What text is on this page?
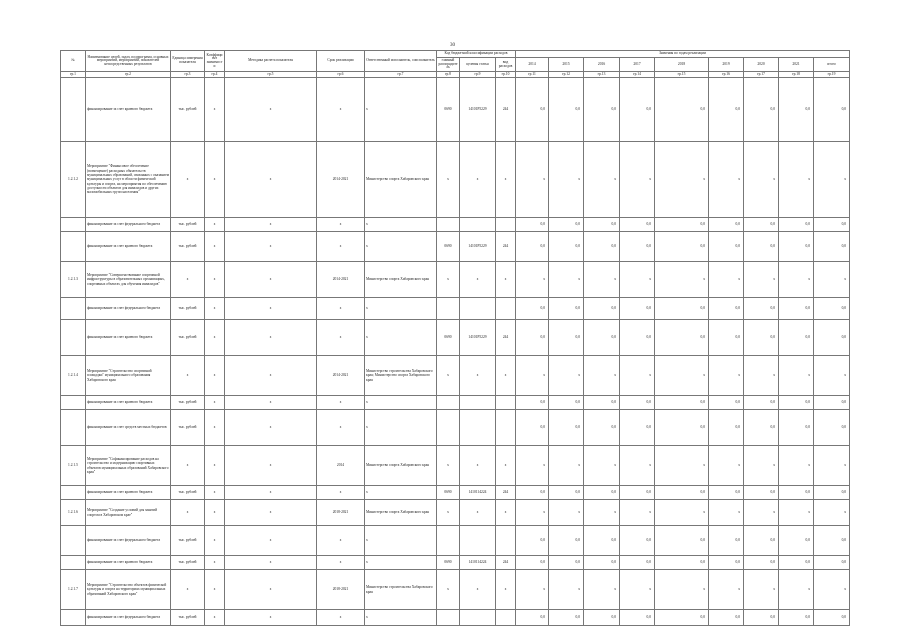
30
№	Наименование целей, задач, подпрограмм, основных мероприятий, мероприятий, показателей непосредственных результатов	Единица измерения показателя	Коэффициент значимости	Методика расчета показателя	Срок реализации	Ответственный исполнитель, соисполнитель	Код бюджетной классификации расходов			Значения по годам реализации								
							главный распорядитель	целевая статья	вид расходов	2014	2015	2016	2017	2018	2019	2020	2021	итого
гр.1	гр.2	гр.3	гр.4	гр.5	гр.6	гр.7	гр.8	гр.9	гр.10	гр.11	гр.12	гр.13	гр.14	гр.15	гр.16	гр.17	гр.18	гр.19
	финансирование за счет краевого бюджета	тыс. рублей	х	х	х	х	0690	14101Р5229	244	0,0	0,0	0,0	0,0	0,0	0,0	0,0	0,0	0,0
1.2.1.2	Мероприятие "Финансовое обеспечение (возмещение) расходных обязательств муниципальных образований, связанных с оказанием муниципальных услуг в области физической культуры и спорта, на мероприятия по обеспечению доступности объектов для инвалидов и других маломобильных групп населения"	х	х	х	2014-2021	Министерство спорта Хабаровского края	х	х	х	х	х	х	х	х	х	х	х	х
	финансирование за счет федерального бюджета	тыс. рублей	х	х	х	х				0,0	0,0	0,0	0,0	0,0	0,0	0,0	0,0	0,0
	финансирование за счет краевого бюджета	тыс. рублей	х	х	х	х	0690	14101Р5229	244	0,0	0,0	0,0	0,0	0,0	0,0	0,0	0,0	0,0
1.2.1.3	Мероприятие "Совершенствование спортивной инфраструктуры в образовательных организациях, спортивных объектах для обучения инвалидов"	х	х	х	2014-2021	Министерство спорта Хабаровского края	х	х	х	х	х	х	х	х	х	х	х	х
	финансирование за счет федерального бюджета	тыс. рублей	х	х	х	х				0,0	0,0	0,0	0,0	0,0	0,0	0,0	0,0	0,0
	финансирование за счет краевого бюджета	тыс. рублей	х	х	х	х	0690	14101Р5229	244	0,0	0,0	0,0	0,0	0,0	0,0	0,0	0,0	0,0
1.2.1.4	Мероприятие "Строительство спортивной площадки" муниципального образования Хабаровского края	х	х	х	2014-2021	Министерство строительства Хабаровского края; Министерство спорта Хабаровского края	х	х	х	х	х	х	х	х	х	х	х	х
	финансирование за счет краевого бюджета	тыс. рублей	х	х	х	х				0,0	0,0	0,0	0,0	0,0	0,0	0,0	0,0	0,0
	финансирование за счет средств местных бюджетов	тыс. рублей	х	х	х	х				0,0	0,0	0,0	0,0	0,0	0,0	0,0	0,0	0,0
1.2.1.5	Мероприятие "Софинансирование расходов на строительство и модернизацию спортивных объектов муниципальных образований Хабаровского края"	х	х	х	2014	Министерство спорта Хабаровского края	х	х	х	х	х	х	х	х	х	х	х	х
	финансирование за счет краевого бюджета	тыс. рублей	х	х	х	х	0690	1410114224	244	0,0	0,0	0,0	0,0	0,0	0,0	0,0	0,0	0,0
1.2.1.6	Мероприятие "Создание условий для занятий спортом в Хабаровском крае"	х	х	х	2018-2021	Министерство спорта Хабаровского края	х	х	х	х	х	х	х	х	х	х	х	х
	финансирование за счет федерального бюджета	тыс. рублей	х	х	х	х				0,0	0,0	0,0	0,0	0,0	0,0	0,0	0,0	0,0
	финансирование за счет краевого бюджета	тыс. рублей	х	х	х	х	0690	1410114224	244	0,0	0,0	0,0	0,0	0,0	0,0	0,0	0,0	0,0
1.2.1.7	Мероприятие "Строительство объектов физической культуры и спорта на территориях муниципальных образований Хабаровского края"	х	х	х	2018-2021	Министерство строительства Хабаровского края	х	х	х	х	х	х	х	х	х	х	х	х
	финансирование за счет федерального бюджета	тыс. рублей	х	х	х	х				0,0	0,0	0,0	0,0	0,0	0,0	0,0	0,0	0,0
